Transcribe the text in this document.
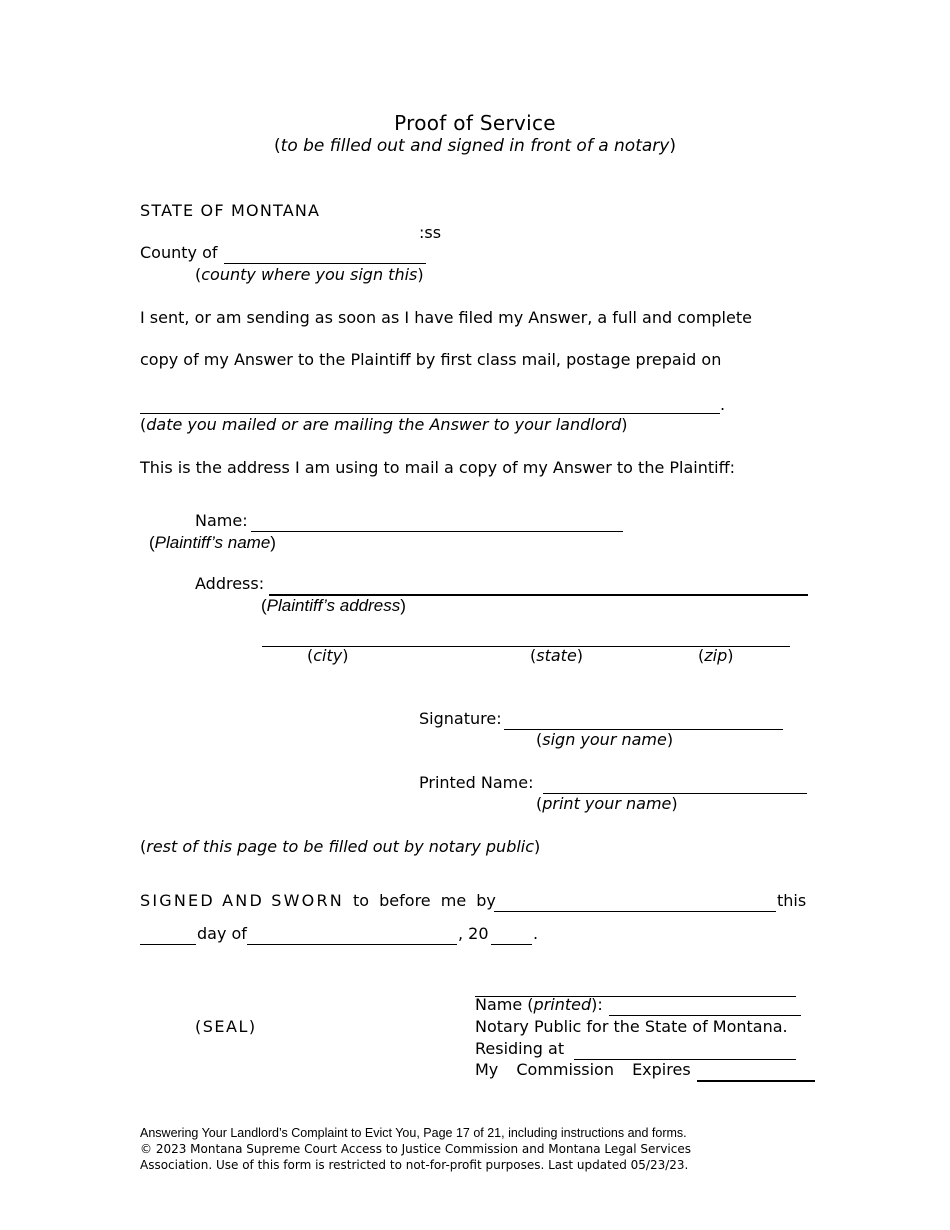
Proof of Service
(to be filled out and signed in front of a notary)
STATE OF MONTANA
:ss
County of
(county where you sign this)
I sent, or am sending as soon as I have filed my Answer, a full and complete
copy of my Answer to the Plaintiff by first class mail, postage prepaid on
.
(date you mailed or are mailing the Answer to your landlord)
This is the address I am using to mail a copy of my Answer to the Plaintiff:
Name:
(Plaintiff’s name)
Address:
(Plaintiff’s address)
(city)	(state)	(zip)
Signature:
(sign your name)
Printed Name:
(print your name)
(rest of this page to be filled out by notary public)
SIGNED AND SWORN to before me by	this
day of	, 20	.
(SEAL)
Name (printed):
Notary Public for the State of Montana.
Residing at
My Commission Expires
Answering Your Landlord’s Complaint to Evict You, Page 17 of 21, including instructions and forms.
© 2023 Montana Supreme Court Access to Justice Commission and Montana Legal Services
Association. Use of this form is restricted to not-for-profit purposes. Last updated 05/23/23.
